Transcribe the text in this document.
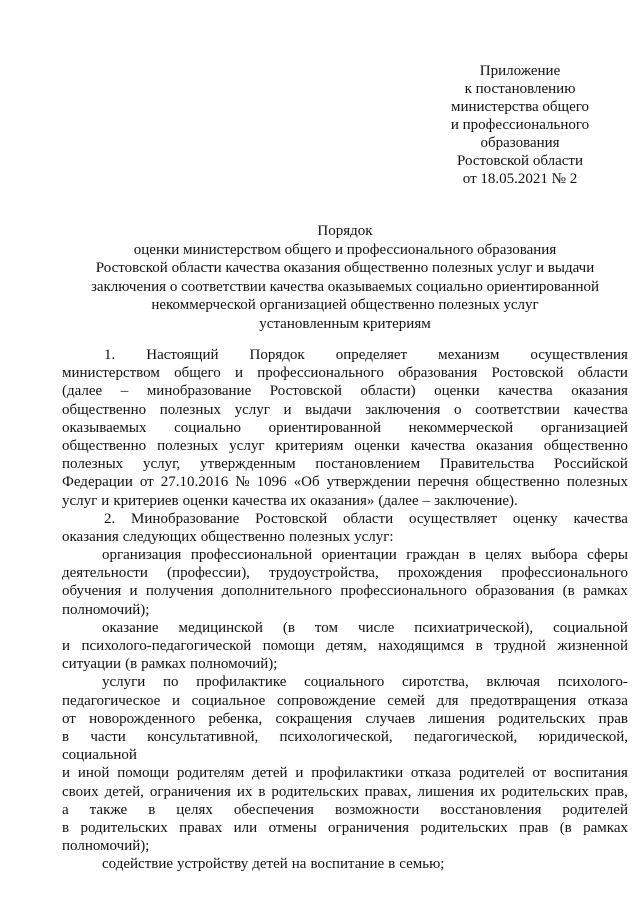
Приложение
к постановлению
министерства общего
и профессионального
образования
Ростовской области
от 18.05.2021 № 2
Порядок
оценки министерством общего и профессионального образования
Ростовской области качества оказания общественно полезных услуг и выдачи
заключения о соответствии качества оказываемых социально ориентированной
некоммерческой организацией общественно полезных услуг
установленным критериям
1. Настоящий Порядок определяет механизм осуществления
министерством общего и профессионального образования Ростовской области
(далее – минобразование Ростовской области) оценки качества оказания
общественно полезных услуг и выдачи заключения о соответствии качества
оказываемых социально ориентированной некоммерческой организацией
общественно полезных услуг критериям оценки качества оказания общественно
полезных услуг, утвержденным постановлением Правительства Российской
Федерации от 27.10.2016 № 1096 «Об утверждении перечня общественно полезных
услуг и критериев оценки качества их оказания» (далее – заключение).
2. Минобразование Ростовской области осуществляет оценку качества
оказания следующих общественно полезных услуг:
организация профессиональной ориентации граждан в целях выбора сферы
деятельности (профессии), трудоустройства, прохождения профессионального
обучения и получения дополнительного профессионального образования (в рамках
полномочий);
оказание медицинской (в том числе психиатрической), социальной
и психолого-педагогической помощи детям, находящимся в трудной жизненной
ситуации (в рамках полномочий);
услуги по профилактике социального сиротства, включая психолого-
педагогическое и социальное сопровождение семей для предотвращения отказа
от новорожденного ребенка, сокращения случаев лишения родительских прав
в части консультативной, психологической, педагогической, юридической,
социальной
и иной помощи родителям детей и профилактики отказа родителей от воспитания
своих детей, ограничения их в родительских правах, лишения их родительских прав,
а также в целях обеспечения возможности восстановления родителей
в родительских правах или отмены ограничения родительских прав (в рамках
полномочий);
содействие устройству детей на воспитание в семью;
